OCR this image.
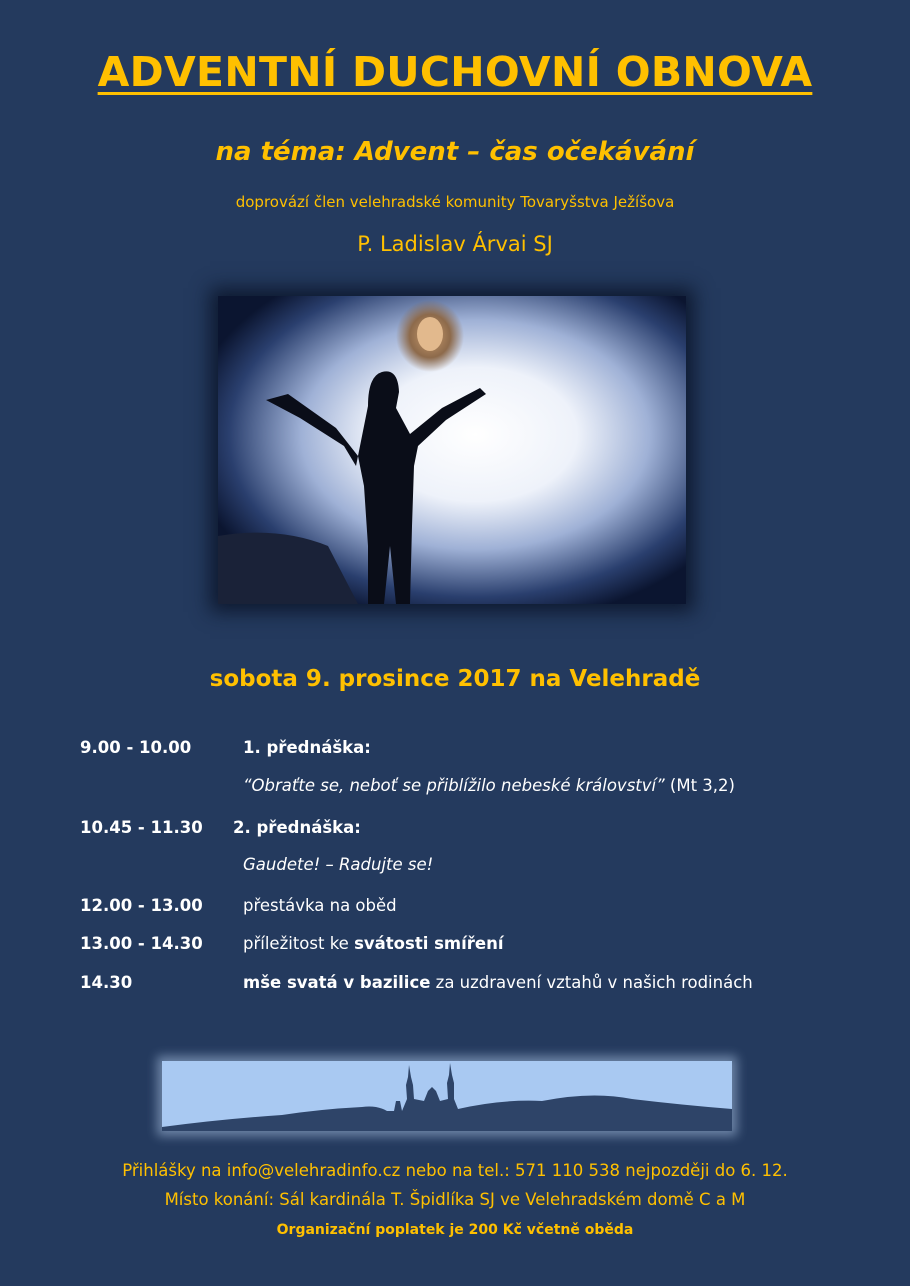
ADVENTNÍ DUCHOVNÍ OBNOVA
na téma: Advent – čas očekávání
doprovází člen velehradské komunity Tovaryšstva Ježíšova
P. Ladislav Árvai SJ
sobota 9. prosince 2017 na Velehradě
9.00 - 10.00	1. přednáška:
“Obraťte se, neboť se přiblížilo nebeské království” (Mt 3,2)
10.45 - 11.30 2. přednáška:
Gaudete! – Radujte se!
12.00 - 13.00 přestávka na oběd
13.00 - 14.30 příležitost ke svátosti smíření
14.30	mše svatá v bazilice za uzdravení vztahů v našich rodinách
Přihlášky na info@velehradinfo.cz nebo na tel.: 571 110 538 nejpozději do 6. 12.
Místo konání: Sál kardinála T. Špidlíka SJ ve Velehradském domě C a M
Organizační poplatek je 200 Kč včetně oběda
